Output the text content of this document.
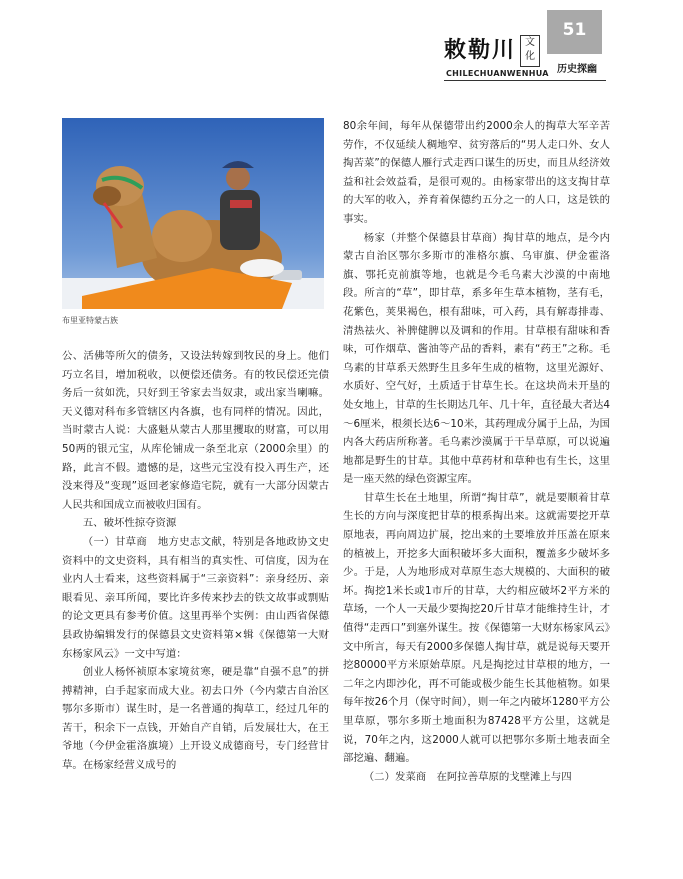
敕勒川 文化
CHILECHUANWENHUA
51
历史探幽
布里亚特蒙古族

公、活佛等所欠的债务，又设法转嫁到牧民的身上。他们巧立名目，增加税收，以便偿还债务。有的牧民偿还完债务后一贫如洗，只好到王爷家去当奴隶，或出家当喇嘛。天义德对科布多管辖区内各旗，也有同样的情况。因此，当时蒙古人说：大盛魁从蒙古人那里攫取的财富，可以用50两的银元宝，从库伦铺成一条至北京（2000余里）的路，此言不假。遗憾的是，这些元宝没有投入再生产，还没来得及“变现”返回老家修造宅院，就有一大部分因蒙古人民共和国成立而被收归国有。

五、破坏性掠夺资源

（一）甘草商　地方史志文献，特别是各地政协文史资料中的文史资料，具有相当的真实性、可信度，因为在业内人士看来，这些资料属于“三亲资料”：亲身经历、亲眼看见、亲耳所闻，要比许多传来抄去的铁文故事或剽贴的论文更具有参考价值。这里再举个实例：由山西省保德县政协编辑发行的保德县文史资料第×辑《保德第一大财东杨家风云》一文中写道：

创业人杨怀祯原本家境贫寒，硬是靠“自强不息”的拼搏精神，白手起家而成大业。初去口外（今内蒙古自治区鄂尔多斯市）谋生时，是一名普通的掏草工，经过几年的苦干，积余下一点钱，开始自产自销，后发展壮大，在王爷地（今伊金霍洛旗境）上开设义成德商号，专门经营甘草。在杨家经营义成号的

80余年间，每年从保德带出约2000余人的掏草大军辛苦劳作，不仅延续人稠地窄、贫穷落后的“男人走口外、女人掏苦菜”的保德人雁行式走西口谋生的历史，而且从经济效益和社会效益看，是很可观的。由杨家带出的这支掏甘草的大军的收入，养育着保德约五分之一的人口，这是铁的事实。

杨家（并整个保德县甘草商）掏甘草的地点，是今内蒙古自治区鄂尔多斯市的准格尔旗、乌审旗、伊金霍洛旗、鄂托克前旗等地，也就是今毛乌素大沙漠的中南地段。所言的“草”，即甘草，系多年生草本植物，茎有毛，花紫色，荚果褐色，根有甜味，可入药，具有解毒排毒、清热祛火、补脾健脾以及调和的作用。甘草根有甜味和香味，可作烟草、酱油等产品的香料，素有“药王”之称。毛乌素的甘草系天然野生且多年生成的植物，这里光源好、水质好、空气好，土质适于甘草生长。在这块尚未开垦的处女地上，甘草的生长期达几年、几十年，直径最大者达4～6厘米，根须长达6～10米，其药理成分属于上品，为国内各大药店所称著。毛乌素沙漠属于干旱草原，可以说遍地都是野生的甘草。其他中草药材和草种也有生长，这里是一座天然的绿色资源宝库。

甘草生长在土地里，所谓“掏甘草”，就是要顺着甘草生长的方向与深度把甘草的根系掏出来。这就需要挖开草原地表，再向周边扩展，挖出来的土要堆放并压盖在原来的植被上，开挖多大面积破坏多大面积，覆盖多少破坏多少。于是，人为地形成对草原生态大规模的、大面积的破坏。掏挖1米长或1市斤的甘草，大约相应破坏2平方米的草场，一个人一天最少要掏挖20斤甘草才能维持生计，才值得“走西口”到塞外谋生。按《保德第一大财东杨家风云》文中所言，每天有2000多保德人掏甘草，就是说每天要开挖80000平方米原始草原。凡是掏挖过甘草根的地方，一二年之内即沙化，再不可能或极少能生长其他植物。如果每年按26个月（保守时间），则一年之内破坏1280平方公里草原，鄂尔多斯土地面积为87428平方公里，这就是说，70年之内，这2000人就可以把鄂尔多斯土地表面全部挖遍、翻遍。

（二）发菜商　在阿拉善草原的戈壁滩上与四
